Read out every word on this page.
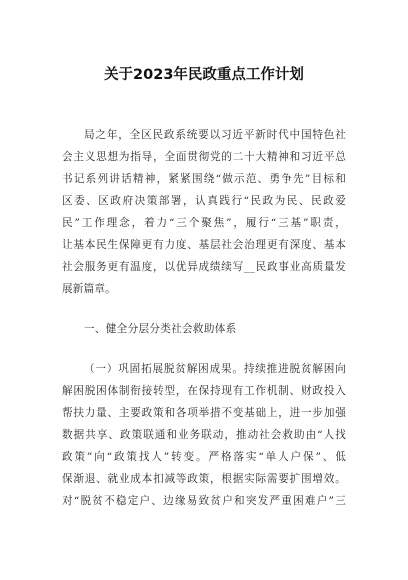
关于2023年民政重点工作计划
局之年，全区民政系统要以习近平新时代中国特色社
会主义思想为指导，全面贯彻党的二十大精神和习近平总
书记系列讲话精神，紧紧围绕“做示范、勇争先”目标和
区委、区政府决策部署，认真践行“民政为民、民政爱
民”工作理念，着力“三个聚焦”，履行“三基”职责，
让基本民生保障更有力度、基层社会治理更有深度、基本
社会服务更有温度，以优异成绩续写__民政事业高质量发
展新篇章。
一、健全分层分类社会救助体系
（一）巩固拓展脱贫解困成果。持续推进脱贫解困向
解困脱困体制衔接转型，在保持现有工作机制、财政投入
帮扶力量、主要政策和各项举措不变基础上，进一步加强
数据共享、政策联通和业务联动，推动社会救助由“人找
政策”向“政策找人”转变。严格落实“单人户保”、低
保渐退、就业成本扣减等政策，根据实际需要扩围增效。
对“脱贫不稳定户、边缘易致贫户和突发严重困难户”三
